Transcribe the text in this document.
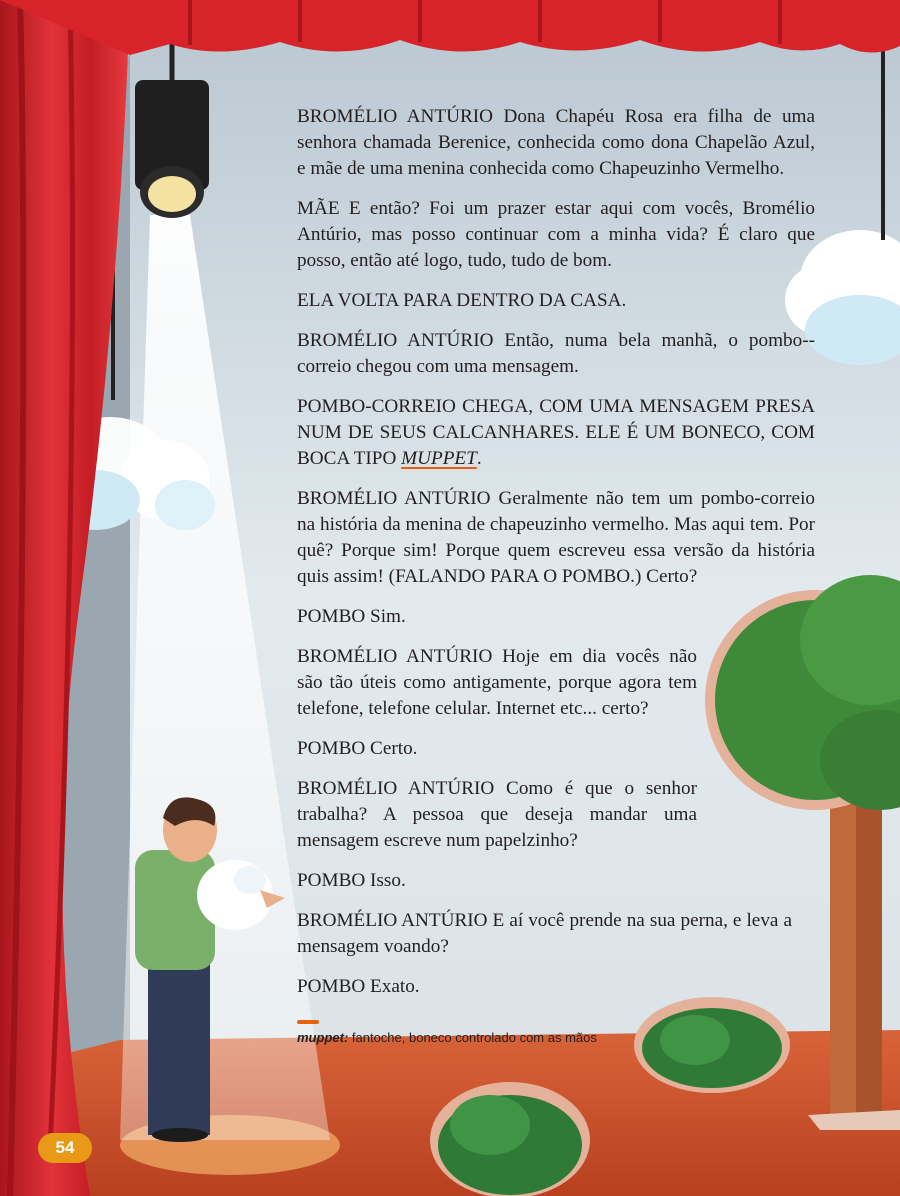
BROMÉLIO ANTÚRIO Dona Chapéu Rosa era filha de uma senhora chamada Berenice, conhecida como dona Chapelão Azul, e mãe de uma menina conhecida como Chapeuzinho Vermelho.

MÃE E então? Foi um prazer estar aqui com vocês, Bromélio Antúrio, mas posso continuar com a minha vida? É claro que posso, então até logo, tudo, tudo de bom.

ELA VOLTA PARA DENTRO DA CASA.

BROMÉLIO ANTÚRIO Então, numa bela manhã, o pombo--correio chegou com uma mensagem.

POMBO-CORREIO CHEGA, COM UMA MENSAGEM PRESA NUM DE SEUS CALCANHARES. ELE É UM BONECO, COM BOCA TIPO MUPPET.

BROMÉLIO ANTÚRIO Geralmente não tem um pombo-correio na história da menina de chapeuzinho vermelho. Mas aqui tem. Por quê? Porque sim! Porque quem escreveu essa versão da história quis assim! (FALANDO PARA O POMBO.) Certo?

POMBO Sim.

BROMÉLIO ANTÚRIO Hoje em dia vocês não são tão úteis como antigamente, porque agora tem telefone, telefone celular. Internet etc... certo?

POMBO Certo.

BROMÉLIO ANTÚRIO Como é que o senhor trabalha? A pessoa que deseja mandar uma mensagem escreve num papelzinho?

POMBO Isso.

BROMÉLIO ANTÚRIO E aí você prende na sua perna, e leva a mensagem voando?

POMBO Exato.

muppet: fantoche, boneco controlado com as mãos
54
